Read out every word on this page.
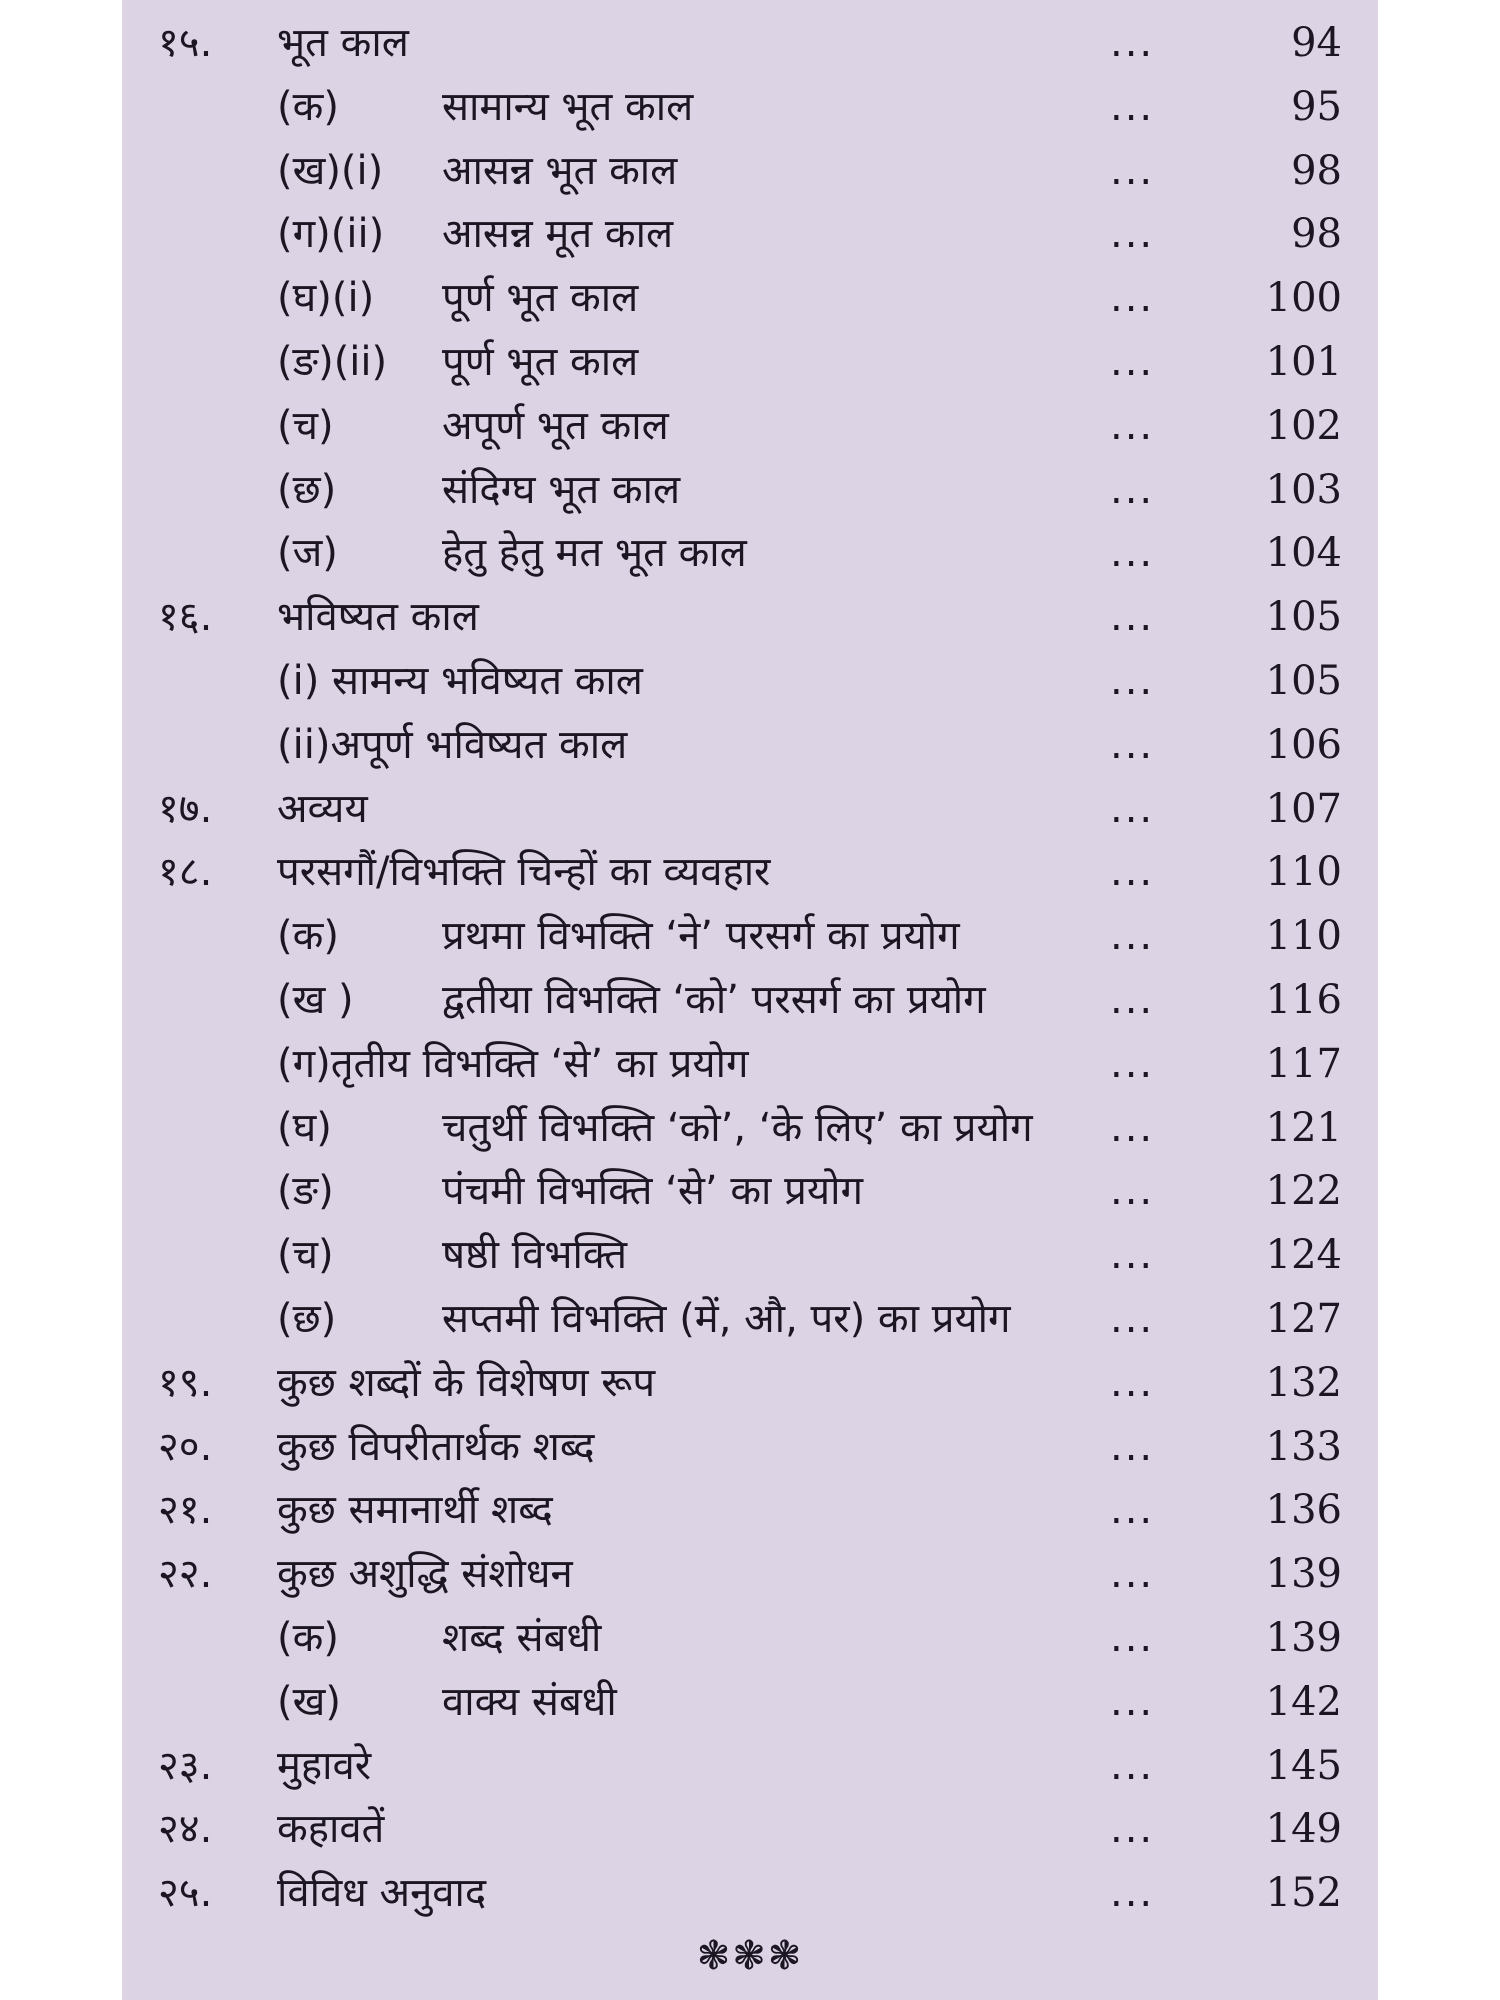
१५. भूत काल	...	94
(क)	सामान्य भूत काल	...	95
(ख)(i) आसन्न भूत काल	...	98
(ग)(ii) आसन्न मूत काल	...	98
(घ)(i) पूर्ण भूत काल	...	100
(ङ)(ii) पूर्ण भूत काल	...	101
(च)	अपूर्ण भूत काल	...	102
(छ)	संदिग्घ भूत काल	...	103
(ज)	हेतु हेतु मत भूत काल	...	104
१६. भविष्यत काल	...	105
(i) सामन्य भविष्यत काल	...	105
(ii)अपूर्ण भविष्यत काल	...	106
१७. अव्यय	...	107
१८. परसगौं/विभक्ति चिन्हों का व्यवहार	...	110
(क)	प्रथमा विभक्ति ‘ने’ परसर्ग का प्रयोग	...	110
(ख ) द्वतीया विभक्ति ‘को’ परसर्ग का प्रयोग	...	116
(ग)तृतीय विभक्ति ‘से’ का प्रयोग	...	117
(घ)	चतुर्थी विभक्ति ‘को’, ‘के लिए’ का प्रयोग ...	121
(ङ)	पंचमी विभक्ति ‘से’ का प्रयोग	...	122
(च)	षष्ठी विभक्ति	...	124
(छ)	सप्तमी विभक्ति (में, औ, पर) का प्रयोग ...	127
१९. कुछ शब्दों के विशेषण रूप	...	132
२०. कुछ विपरीतार्थक शब्द	...	133
२१. कुछ समानार्थी शब्द	...	136
२२. कुछ अशुद्धि संशोधन	...	139
(क)	शब्द संबधी	...	139
(ख)	वाक्य संबधी	...	142
२३. मुहावरे	...	145
२४. कहावतें	...	149
२५. विविध अनुवाद	...	152
❃❃❃
